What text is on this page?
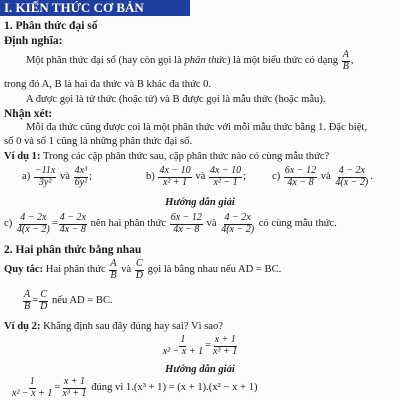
I. KIẾN THỨC CƠ BẢN
1. Phân thức đại số
Định nghĩa:
Một phân thức đại số (hay còn gọi là phân thức) là một biểu thức có dạng $\frac{A}{B}$ ,
trong đó A, B là hai đa thức và B khác đa thức 0.
A được gọi là tử thức (hoặc tử) và B được gọi là mẫu thức (hoặc mẫu).
Nhận xét:
Mỗi đa thức cũng được coi là một phân thức với mỗi mẫu thức bằng 1. Đặc biệt,
số 0 và số 1 cũng là những phân thức đại số.
Ví dụ 1: Trong các cặp phân thức sau, cặp phân thức nào có cùng mẫu thức?
$a) \frac{-11x}{\text{3y²}}$ và $\frac{\text{4x³}}{\text{6y²}}$ ;	$b) \frac{4x - 10}{\text{x² + 1}}$ và $\frac{4x - 10}{\text{x² − 1}}$ ; $c) \frac{6x - 12}{4x - 8}$ và $\frac{4 - 2x}{4(x - 2)}$ .
Hướng dẫn giải
$c) \frac{4 - 2x}{4(x - 2)} = \frac{4 - 2x}{4x - 8}$ nên hai phân thức $\frac{6x - 12}{4x - 8}$ và $\frac{4 - 2x}{4(x - 2)}$ có cùng mẫu thức.
2. Hai phân thức bằng nhau
Quy tắc: Hai phân thức $\frac{A}{B}$ và $\frac{C}{D}$ gọi là bằng nhau nếu AD = BC.
$\frac{A}{B} = \frac{C}{D}$ nếu AD = BC.
Ví dụ 2: Khẳng định sau đây đúng hay sai? Vì sao?
$\frac{1}{\text{x² − x + 1}} = \frac{x + 1}{\text{x³ + 1}}$
Hướng dẫn giải
$\frac{1}{\text{x² − x + 1}} = \frac{x + 1}{\text{x³ + 1}}$ đúng vì 1.(x³ + 1) = (x + 1).(x² − x + 1)
